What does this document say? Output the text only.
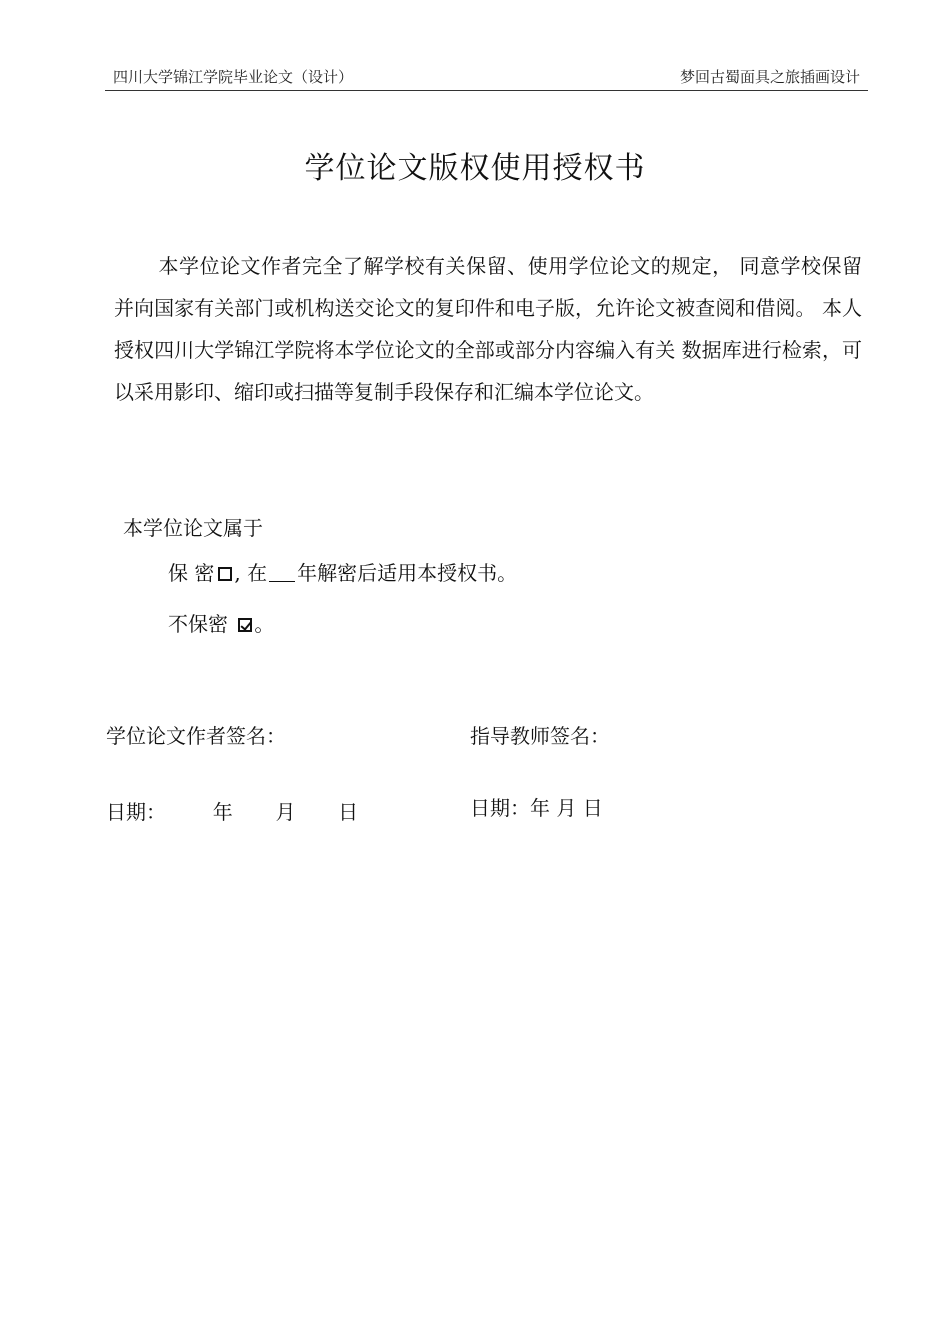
四川大学锦江学院毕业论文（设计）	梦回古蜀面具之旅插画设计
学位论文版权使用授权书
本学位论文作者完全了解学校有关保留、使用学位论文的规定， 同意学校保留并向国家有关部门或机构送交论文的复印件和电子版，允许论文被查阅和借阅。 本人授权四川大学锦江学院将本学位论文的全部或部分内容编入有关 数据库进行检索，可以采用影印、缩印或扫描等复制手段保存和汇编本学位论文。
本学位论文属于
保 密 , 在 年解密后适用本授权书。
不保密 。
学位论文作者签名：	指导教师签名：
日期： 年 月 日	日期：年 月 日
